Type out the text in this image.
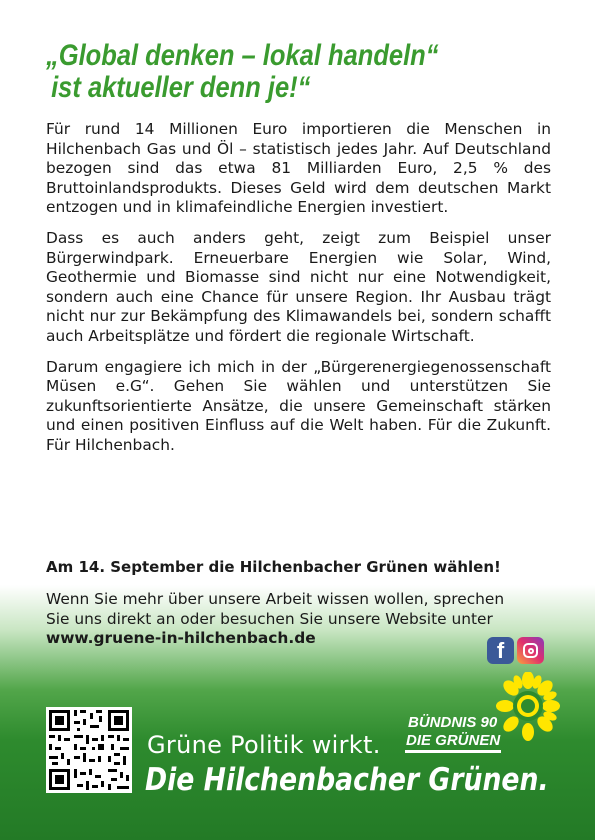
„Global denken – lokal handeln“
ist aktueller denn je!“

Für rund 14 Millionen Euro importieren die Menschen in Hilchenbach Gas und Öl – statistisch jedes Jahr. Auf Deutschland bezogen sind das etwa 81 Milliarden Euro, 2,5 % des Bruttoinlandsprodukts. Dieses Geld wird dem deutschen Markt entzogen und in klimafeindliche Energien investiert.

Dass es auch anders geht, zeigt zum Beispiel unser Bürgerwindpark. Erneuerbare Energien wie Solar, Wind, Geothermie und Biomasse sind nicht nur eine Notwendigkeit, sondern auch eine Chance für unsere Region. Ihr Ausbau trägt nicht nur zur Bekämpfung des Klimawandels bei, sondern schafft auch Arbeitsplätze und fördert die regionale Wirtschaft.

Darum engagiere ich mich in der „Bürgerenergiegenossenschaft Müsen e.G“. Gehen Sie wählen und unterstützen Sie zukunftsorientierte Ansätze, die unsere Gemeinschaft stärken und einen positiven Einfluss auf die Welt haben. Für die Zukunft. Für Hilchenbach.

Am 14. September die Hilchenbacher Grünen wählen!
Wenn Sie mehr über unsere Arbeit wissen wollen, sprechen Sie uns direkt an oder besuchen Sie unsere Website unter www.gruene-in-hilchenbach.de	f
Grüne Politik wirkt.
Die Hilchenbacher Grünen.
BÜNDNIS 90
DIE GRÜNEN
